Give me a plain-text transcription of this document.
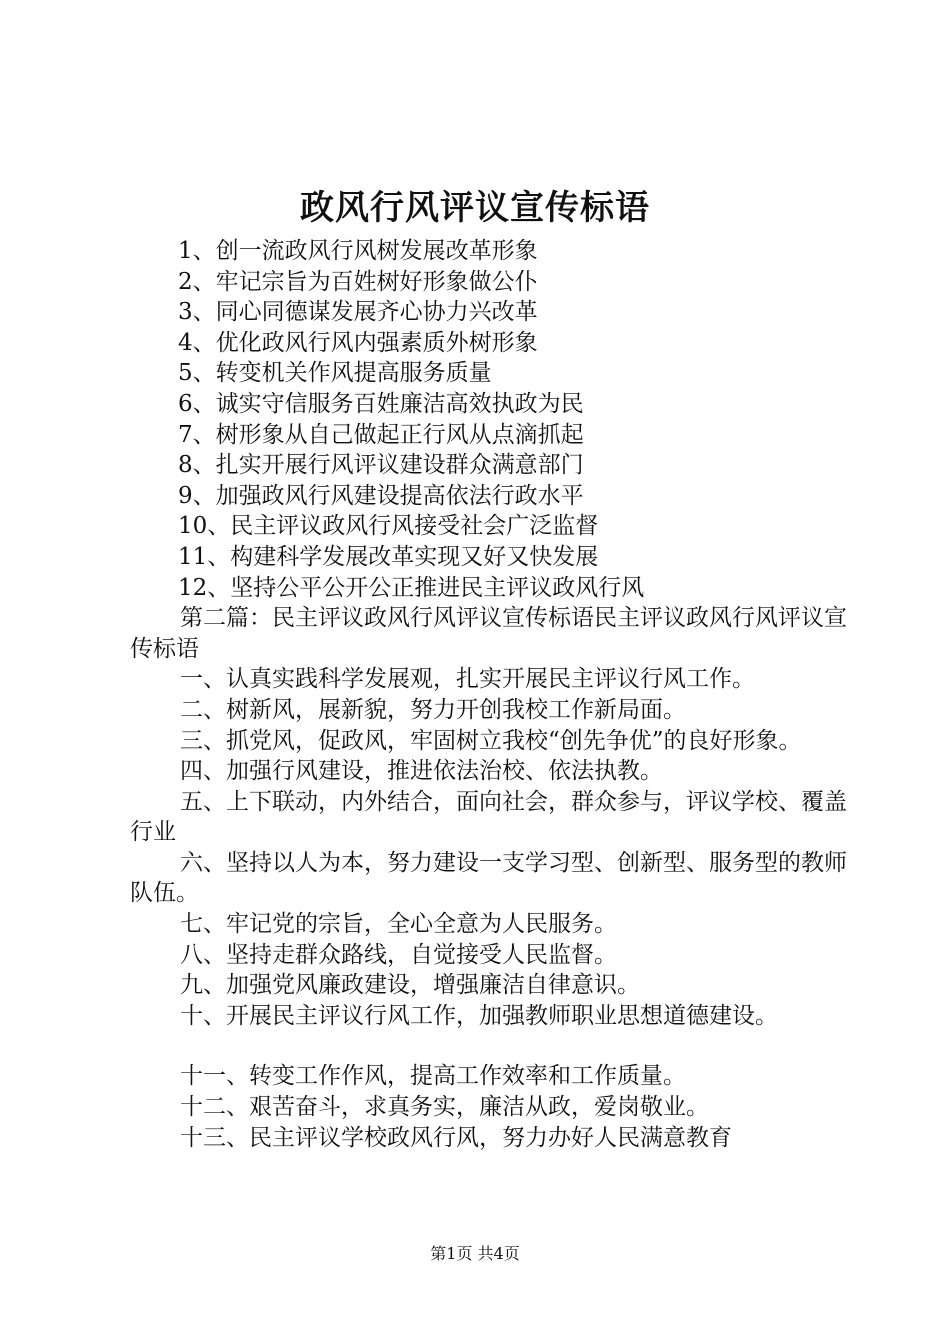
政风行风评议宣传标语
1、创一流政风行风树发展改革形象
2、牢记宗旨为百姓树好形象做公仆
3、同心同德谋发展齐心协力兴改革
4、优化政风行风内强素质外树形象
5、转变机关作风提高服务质量
6、诚实守信服务百姓廉洁高效执政为民
7、树形象从自己做起正行风从点滴抓起
8、扎实开展行风评议建设群众满意部门
9、加强政风行风建设提高依法行政水平
10、民主评议政风行风接受社会广泛监督
11、构建科学发展改革实现又好又快发展
12、坚持公平公开公正推进民主评议政风行风
第二篇：民主评议政风行风评议宣传标语民主评议政风行风评议宣传标语
一、认真实践科学发展观，扎实开展民主评议行风工作。
二、树新风，展新貌，努力开创我校工作新局面。
三、抓党风，促政风，牢固树立我校“创先争优”的良好形象。
四、加强行风建设，推进依法治校、依法执教。
五、上下联动，内外结合，面向社会，群众参与，评议学校、覆盖行业
六、坚持以人为本，努力建设一支学习型、创新型、服务型的教师队伍。
七、牢记党的宗旨，全心全意为人民服务。
八、坚持走群众路线，自觉接受人民监督。
九、加强党风廉政建设，增强廉洁自律意识。
十、开展民主评议行风工作，加强教师职业思想道德建设。
十一、转变工作作风，提高工作效率和工作质量。
十二、艰苦奋斗，求真务实，廉洁从政，爱岗敬业。
十三、民主评议学校政风行风，努力办好人民满意教育
第1页 共4页
